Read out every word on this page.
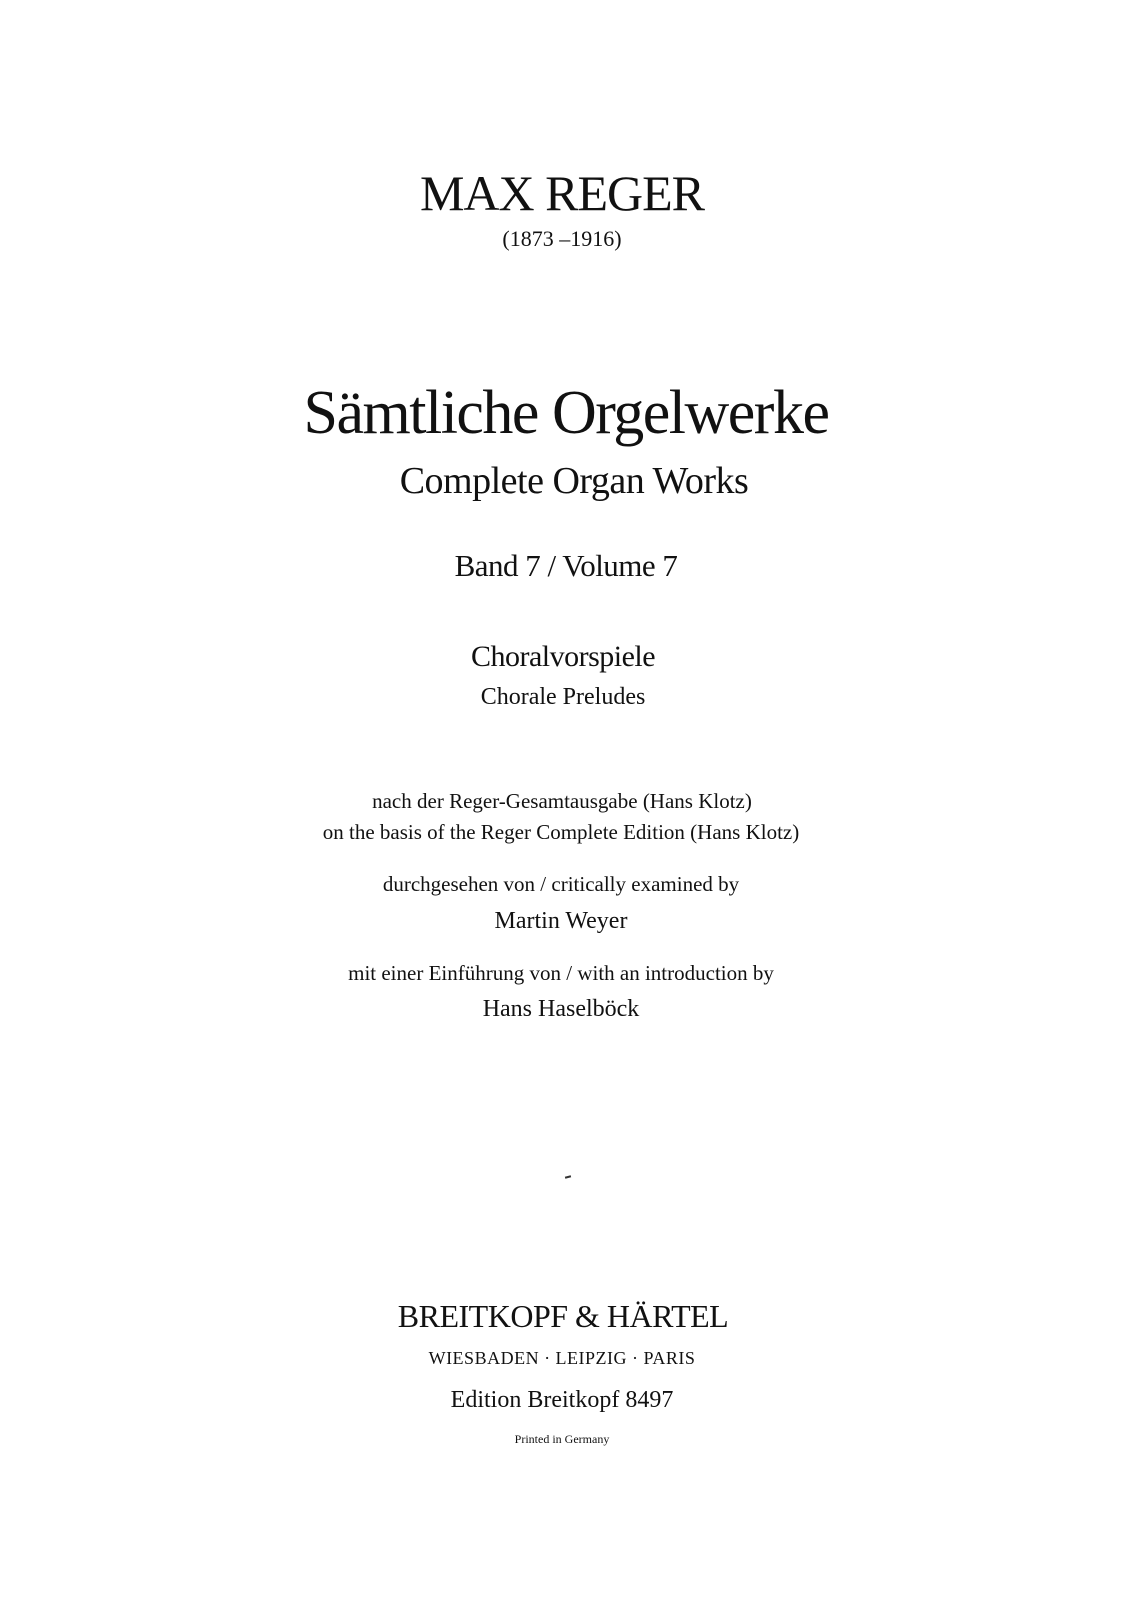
MAX REGER
(1873 –1916)
Sämtliche Orgelwerke
Complete Organ Works
Band 7 / Volume 7
Choralvorspiele
Chorale Preludes
nach der Reger-Gesamtausgabe (Hans Klotz)
on the basis of the Reger Complete Edition (Hans Klotz)
durchgesehen von / critically examined by
Martin Weyer
mit einer Einführung von / with an introduction by
Hans Haselböck
BREITKOPF & HÄRTEL
WIESBADEN · LEIPZIG · PARIS
Edition Breitkopf 8497
Printed in Germany
